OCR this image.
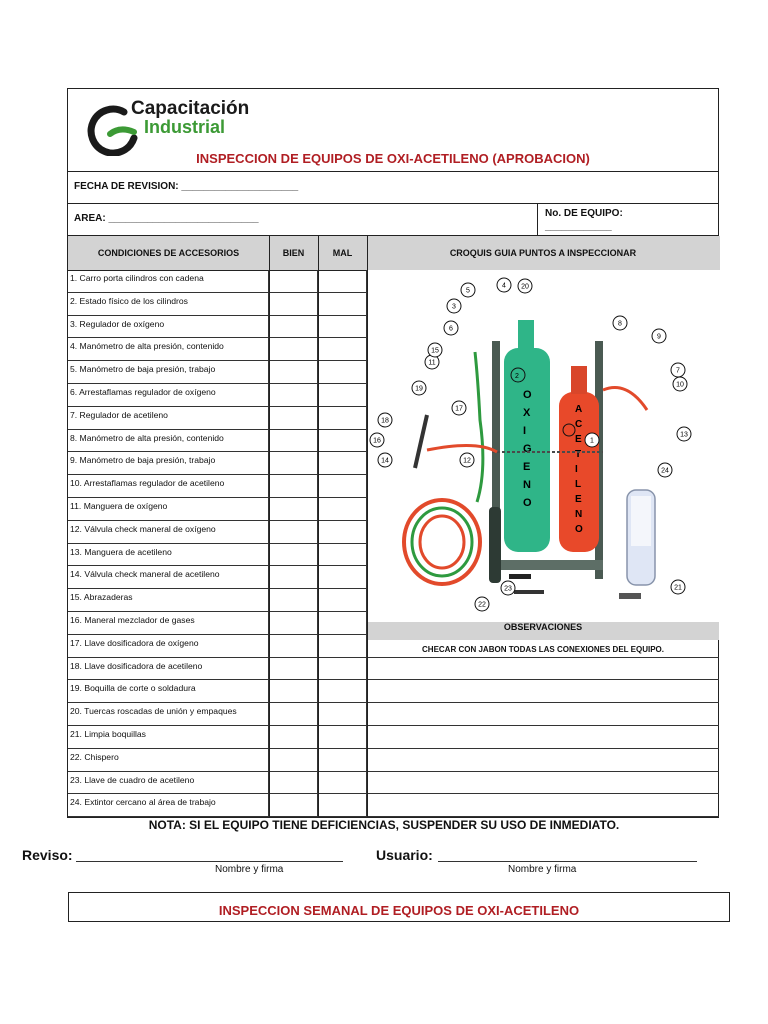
Capacitación
Industrial
INSPECCION DE EQUIPOS DE OXI-ACETILENO (APROBACION)
FECHA DE REVISION: _____________________
AREA: ___________________________	No. DE EQUIPO:
____________
CONDICIONES DE ACCESORIOS	BIEN	MAL	CROQUIS GUIA PUNTOS A INSPECCIONAR
1. Carro porta cilindros con cadena
2. Estado físico de los cilindros
3. Regulador de oxígeno
4. Manómetro de alta presión, contenido
5. Manómetro de baja presión, trabajo
6. Arrestaflamas regulador de oxígeno
7. Regulador de acetileno
8. Manómetro de alta presión, contenido
9. Manómetro de baja presión, trabajo
10. Arrestaflamas regulador de acetileno
11. Manguera de oxígeno
12. Válvula check maneral de oxígeno
13. Manguera de acetileno
14. Válvula check maneral de acetileno
15. Abrazaderas
16. Maneral mezclador de gases
17. Llave dosificadora de oxígeno
18. Llave dosificadora de acetileno
19. Boquilla de corte o soldadura
20. Tuercas roscadas de unión y empaques
21. Limpia boquillas
22. Chispero
23. Llave de cuadro de acetileno
24. Extintor cercano al área de trabajo
2
O
X
I
G
E
N
O
A
C
E
T
I
L
E
N
O
1
3
4
5
6
7
8
9
10
11
12
13
14
15
16
17
18
19
20
21
22
23
24
OBSERVACIONES
CHECAR CON JABON TODAS LAS CONEXIONES DEL EQUIPO.
NOTA: SI EL EQUIPO TIENE DEFICIENCIAS, SUSPENDER SU USO DE INMEDIATO.
Reviso:
Nombre y firma
Usuario:
Nombre y firma
INSPECCION SEMANAL DE EQUIPOS DE OXI-ACETILENO
